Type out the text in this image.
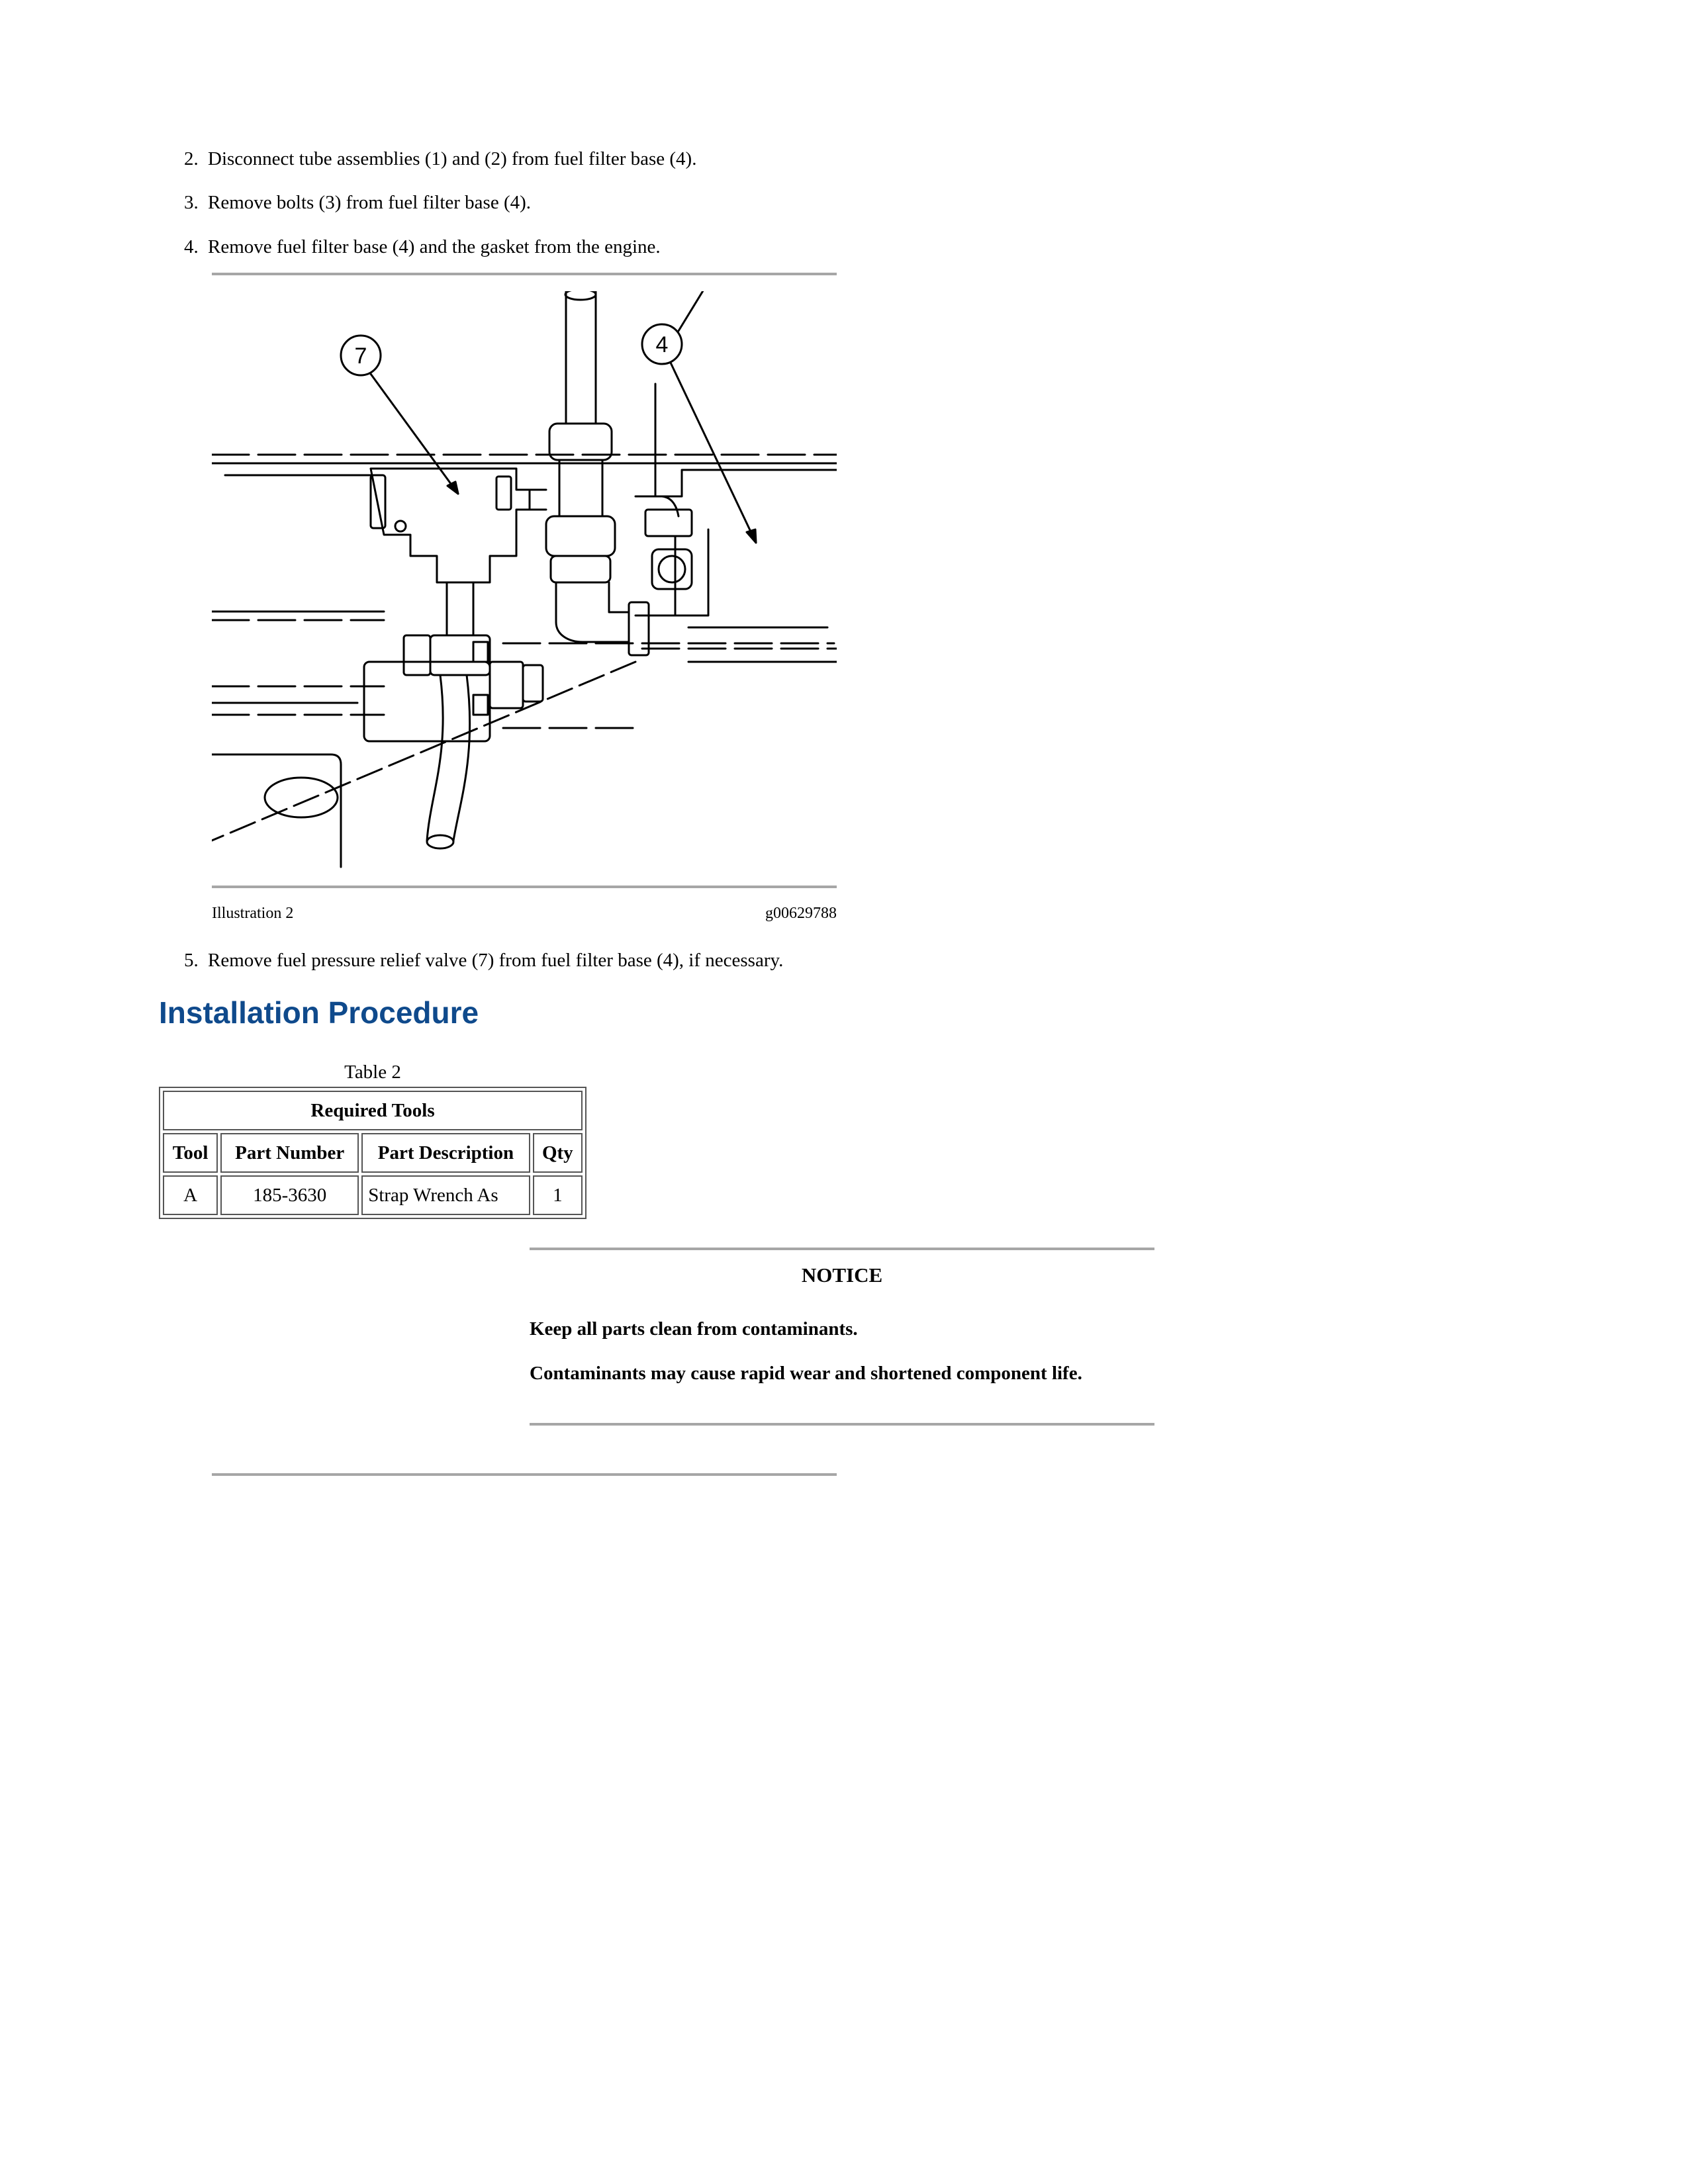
2. Disconnect tube assemblies (1) and (2) from fuel filter base (4).
3. Remove bolts (3) from fuel filter base (4).
4. Remove fuel filter base (4) and the gasket from the engine.
7	4
Illustration 2	g00629788
5. Remove fuel pressure relief valve (7) from fuel filter base (4), if necessary.
Installation Procedure
Table 2
Required Tools			
Tool	Part Number	Part Description	Qty
A	185-3630	Strap Wrench As	1
NOTICE
Keep all parts clean from contaminants.
Contaminants may cause rapid wear and shortened component life.
